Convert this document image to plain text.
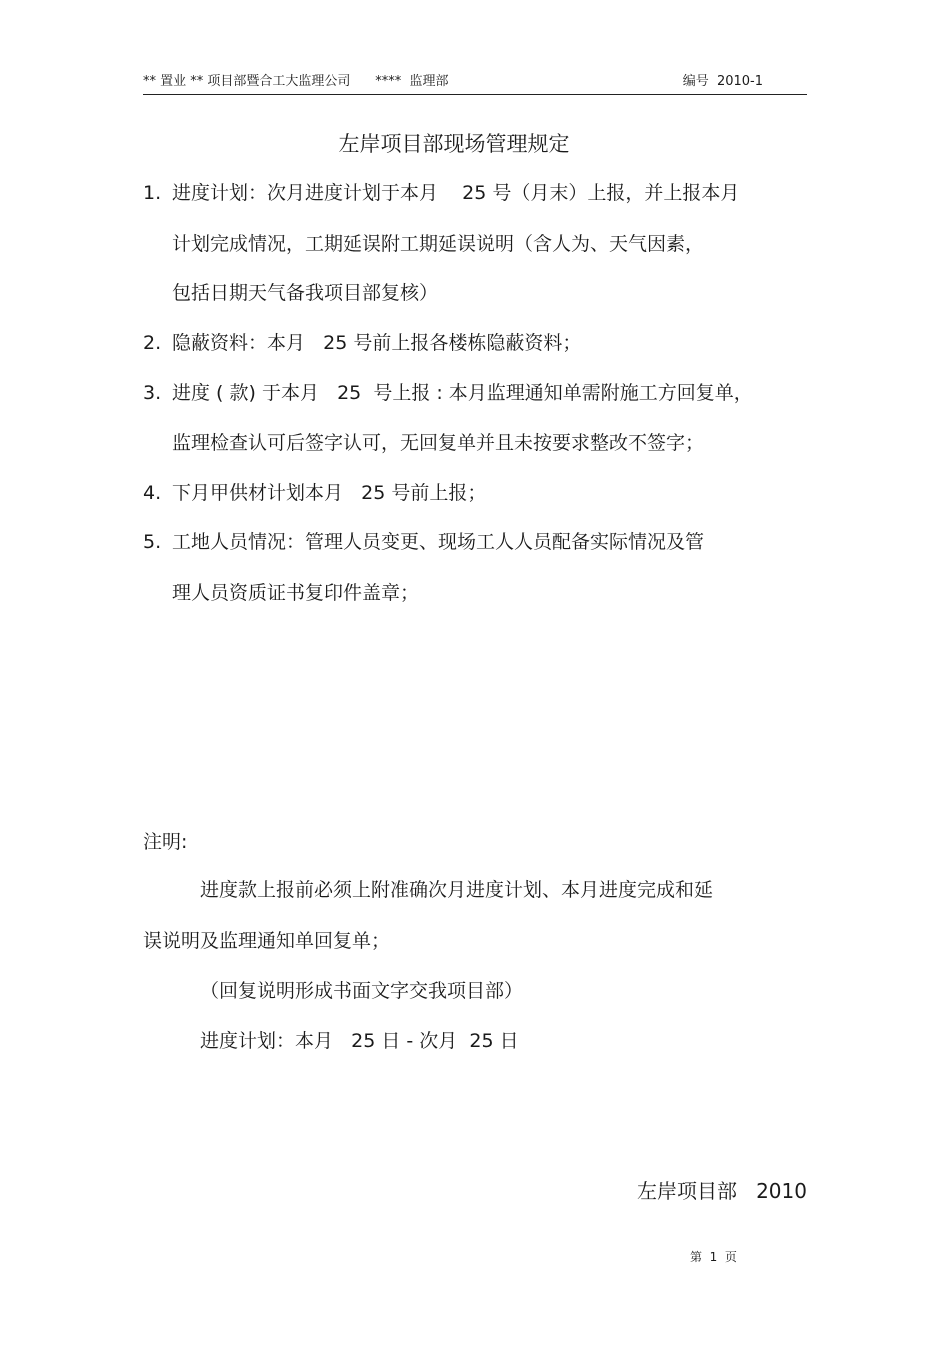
** 置业 ** 项目部暨合工大监理公司      ****  监理部	编号  2010-1
左岸项目部现场管理规定
1. 进度计划：次月进度计划于本月    25 号（月末）上报，并上报本月
计划完成情况，工期延误附工期延误说明（含人为、天气因素，
包括日期天气备我项目部复核）
2. 隐蔽资料：本月   25 号前上报各楼栋隐蔽资料；
3. 进度 ( 款) 于本月   25  号上报 : 本月监理通知单需附施工方回复单，
监理检查认可后签字认可，无回复单并且未按要求整改不签字；
4. 下月甲供材计划本月   25 号前上报；
5. 工地人员情况：管理人员变更、现场工人人员配备实际情况及管
理人员资质证书复印件盖章；
注明:
进度款上报前必须上附准确次月进度计划、本月进度完成和延
误说明及监理通知单回复单；
（回复说明形成书面文字交我项目部）
进度计划：本月   25 日 - 次月  25 日
左岸项目部   2010
第  1  页
